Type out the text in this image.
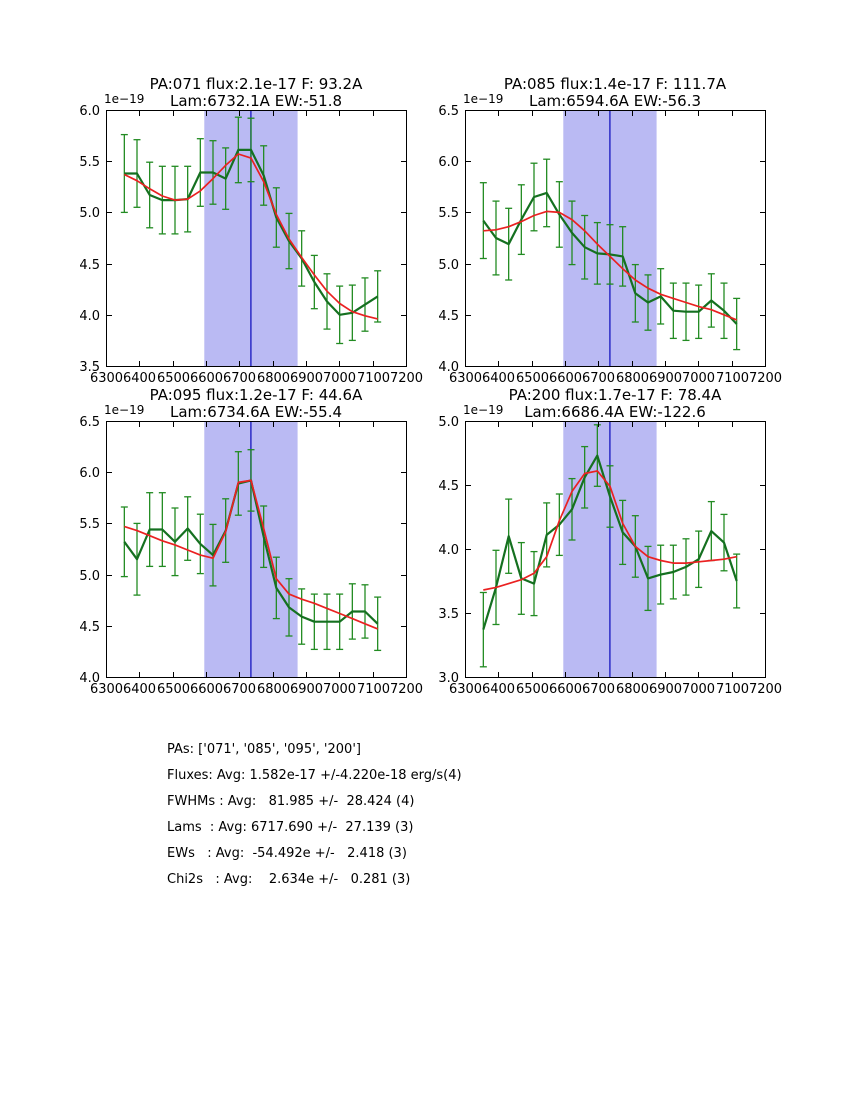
6300 6400 6500 6600 6700 6800 6900 7000 7100 7200
3.5
4.0
4.5
5.0
5.5
6.0
PA:071 flux:2.1e-17 F: 93.2A
Lam:6732.1A EW:-51.8
1e−19
6300 6400 6500 6600 6700 6800 6900 7000 7100 7200
4.0
4.5
5.0
5.5
6.0
6.5
PA:085 flux:1.4e-17 F: 111.7A
Lam:6594.6A EW:-56.3
1e−19
6300 6400 6500 6600 6700 6800 6900 7000 7100 7200
4.0
4.5
5.0
5.5
6.0
6.5
PA:095 flux:1.2e-17 F: 44.6A
Lam:6734.6A EW:-55.4
1e−19
6300 6400 6500 6600 6700 6800 6900 7000 7100 7200
3.0
3.5
4.0
4.5
5.0
PA:200 flux:1.7e-17 F: 78.4A
Lam:6686.4A EW:-122.6
1e−19
PAs: ['071', '085', '095', '200']
Fluxes: Avg: 1.582e-17 +/-4.220e-18 erg/s(4)
FWHMs : Avg:   81.985 +/-  28.424 (4)
Lams  : Avg: 6717.690 +/-  27.139 (3)
EWs   : Avg:  -54.492e +/-   2.418 (3)
Chi2s   : Avg:    2.634e +/-   0.281 (3)
